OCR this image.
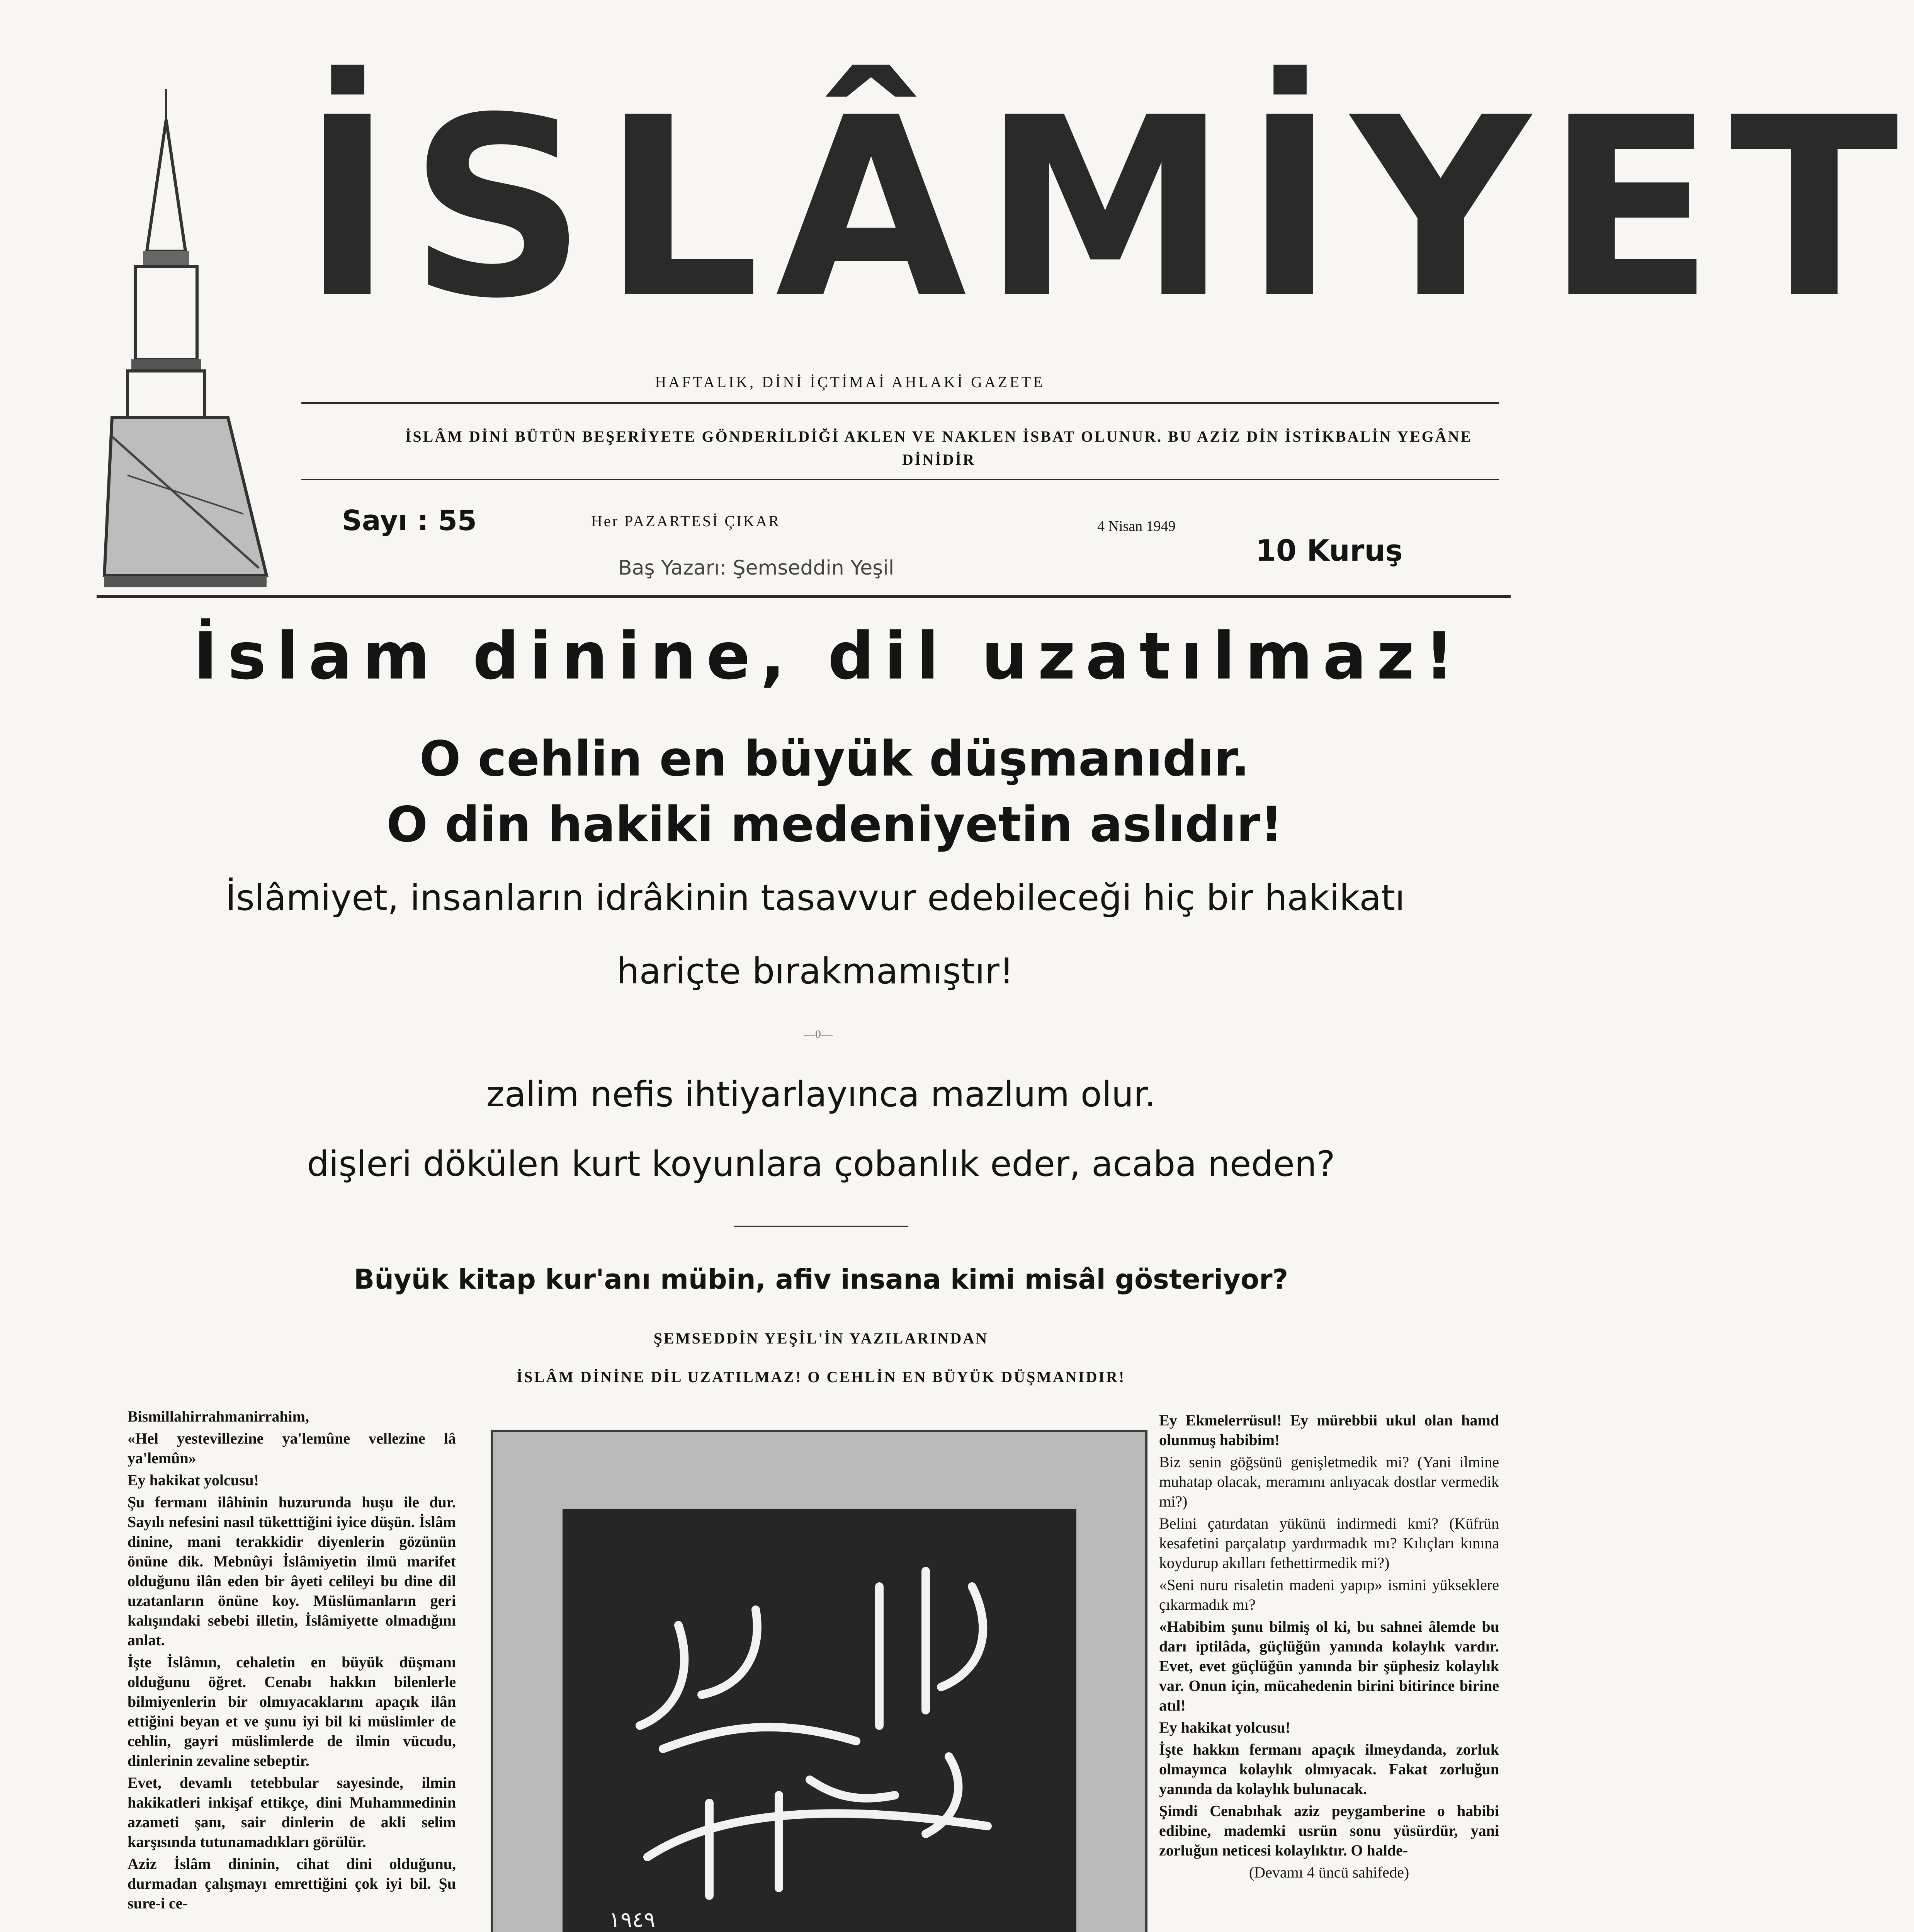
İSLÂMİYET
HAFTALIK, DİNİ İÇTİMAİ AHLAKİ GAZETE
İSLÂM DİNİ BÜTÜN BEŞERİYETE GÖNDERİLDİĞİ AKLEN VE NAKLEN İSBAT OLUNUR. BU AZİZ DİN İSTİKBALİN YEGÂNE DİNİDİR
Sayı : 55	Her PAZARTESİ ÇIKAR	4 Nisan 1949
10 Kuruş
Baş Yazarı: Şemseddin Yeşil
İslam dinine, dil uzatılmaz!
O cehlin en büyük düşmanıdır.
O din hakiki medeniyetin aslıdır!
İslâmiyet, insanların idrâkinin tasavvur edebileceği hiç bir hakikatı
hariçte bırakmamıştır!
—0—
zalim nefis ihtiyarlayınca mazlum olur.
dişleri dökülen kurt koyunlara çobanlık eder, acaba neden?
Büyük kitap kur'anı mübin, afiv insana kimi misâl gösteriyor?
ŞEMSEDDİN YEŞİL'İN YAZILARINDAN
İSLÂM DİNİNE DİL UZATILMAZ! O CEHLİN EN BÜYÜK DÜŞMANIDIR!

Bismillahirrahmanirrahim,

«Hel yestevillezine ya'lemûne vellezine lâ ya'lemûn»

Ey hakikat yolcusu!

Şu fermanı ilâhinin huzurunda huşu ile dur. Sayılı nefesini nasıl tüketttiğini iyice düşün. İslâm dinine, mani terakkidir diyenlerin gözünün önüne dik. Mebnûyi İslâmiyetin ilmü marifet olduğunu ilân eden bir âyeti celileyi bu dine dil uzatanların önüne koy. Müslümanların geri kalışındaki sebebi illetin, İslâmiyette olmadığını anlat.

İşte İslâmın, cehaletin en büyük düşmanı olduğunu öğret. Cenabı hakkın bilenlerle bilmiyenlerin bir olmıyacaklarını apaçık ilân ettiğini beyan et ve şunu iyi bil ki müslimler de cehlin, gayri müslimlerde de ilmin vücudu, dinlerinin zevaline sebeptir.

Evet, devamlı tetebbular sayesinde, ilmin hakikatleri inkişaf ettikçe, dini Muhammedinin azameti şanı, sair dinlerin de akli selim karşısında tutunamadıkları görülür.

Aziz İslâm dininin, cihat dini olduğunu, durmadan çalışmayı emrettiğini çok iyi bil. Şu sure-i ce-

١٩٤٩

Ey Ekmelerrüsul! Ey mürebbii ukul olan hamd olunmuş habibim!

Biz senin göğsünü genişletmedik mi? (Yani ilmine muhatap olacak, meramını anlıyacak dostlar vermedik mi?)

Belini çatırdatan yükünü indirmedi kmi? (Küfrün kesafetini parçalatıp yardırmadık mı? Kılıçları kınına koydurup akılları fethettirmedik mi?)

«Seni nuru risaletin madeni yapıp» ismini yükseklere çıkarmadık mı?

«Habibim şunu bilmiş ol ki, bu sahnei âlemde bu darı iptilâda, güçlüğün yanında kolaylık vardır. Evet, evet güçlüğün yanında bir şüphesiz kolaylık var. Onun için, mücahedenin birini bitirince birine atıl!

Ey hakikat yolcusu!

İşte hakkın fermanı apaçık ilmeydanda, zorluk olmayınca kolaylık olmıyacak. Fakat zorluğun yanında da kolaylık bulunacak.

Şimdi Cenabıhak aziz peygamberine o habibi edibine, mademki usrün sonu yüsürdür, yani zorluğun neticesi kolaylıktır. O halde-

(Devamı 4 üncü sahifede)
